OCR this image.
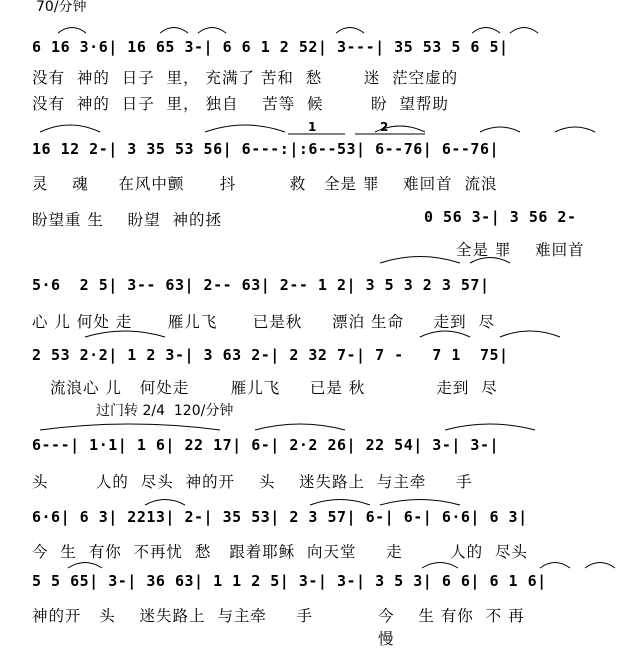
70/分钟
6 16 3·6| 16 65 3-| 6 6 1 2 52| 3---| 35 53 5 6 5|
没有  神的  日子  里， 充满了 苦和  愁       迷  茫空虚的
没有  神的  日子  里， 独自    苦等  候        盼  望帮助
1	2
16 12 2-| 3 35 53 56| 6---:|:6--53| 6--76| 6--76|
灵    魂     在风中颤      抖         救   全是 罪    难回首  流浪
盼望重 生    盼望  神的拯	0 56 3-| 3 56 2-
全是 罪    难回首
5·6  2 5| 3-- 63| 2-- 63| 2-- 1 2| 3 5 3 2 3 57|
心 儿 何处 走      雁儿飞      已是秋     漂泊 生命     走到  尽
2 53 2·2| 1 2 3-| 3 63 2-| 2 32 7-| 7 -   7 1  75|
流浪心 儿   何处走       雁儿飞     已是 秋            走到  尽
过门转 2/4  120/分钟
6---| 1·1| 1 6| 22 17| 6-| 2·2 26| 22 54| 3-| 3-|
头        人的  尽头  神的开    头    迷失路上  与主牵     手
6·6| 6 3| 2213| 2-| 35 53| 2 3 57| 6-| 6-| 6·6| 6 3|
今  生  有你  不再忧  愁   跟着耶稣  向天堂     走        人的  尽头
5 5 65| 3-| 36 63| 1 1 2 5| 3-| 3-| 3 5 3| 6 6| 6 1 6|
神的开   头    迷失路上  与主牵     手           今    生 有你  不 再
慢
